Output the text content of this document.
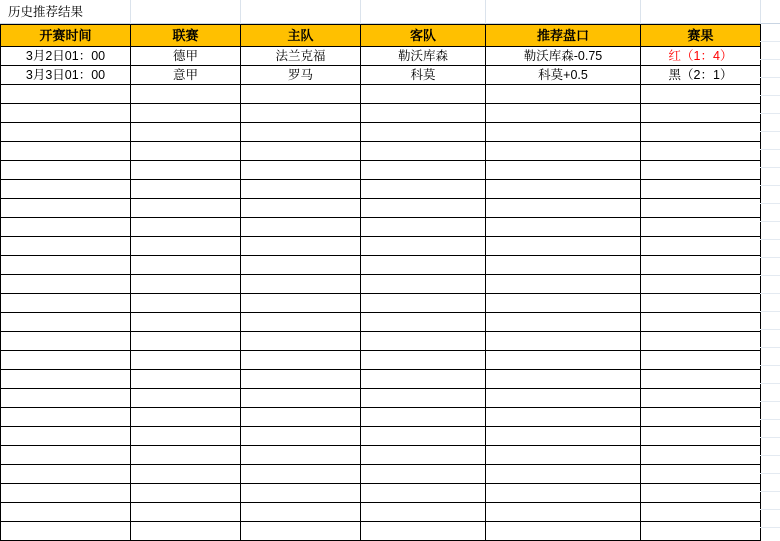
历史推荐结果
开赛时间	联赛	主队	客队	推荐盘口	赛果
3月2日01：00	德甲	法兰克福	勒沃库森	勒沃库森-0.75	红（1：4）
3月3日01：00	意甲	罗马	科莫	科莫+0.5	黑（2：1）
